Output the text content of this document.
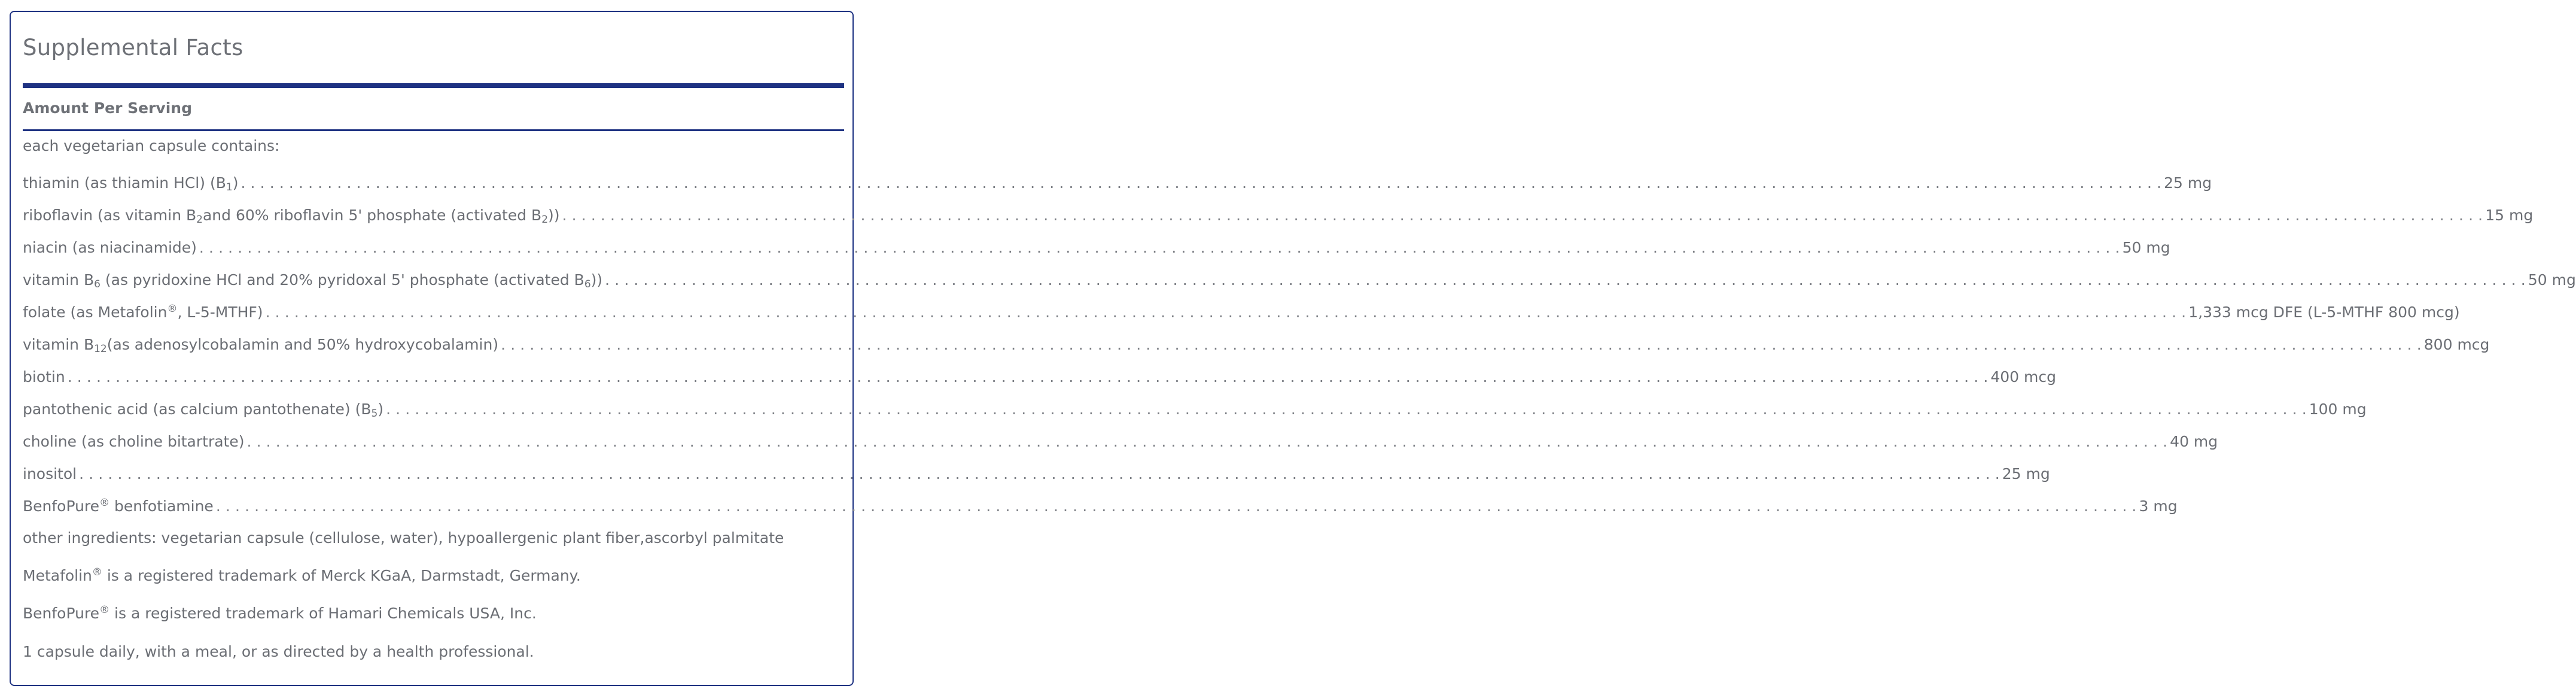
Supplemental Facts
Amount Per Serving
each vegetarian capsule contains:
thiamin (as thiamin HCl) $(B_1)$ . . . . . . . . . . . . . . . . . . . . . . . . . . . . . . . . . . . . . . . . . . . . . . . . . . . . . . . . . . . . . . . . . . . . . . . . . . . . . . . . . . . . . . . . . . . . . . . . . . . . . . . . . . . . . . . . . . . . . . . . . . . . . . . . . . . . . . . . . . . . . . . . . . . . . . . . . . . . . . . . . . . . . . . . . . . . . . . . . . . . . . . . . . . . . . . . . . . . . . . . 25 mg
riboflavin (as vitamin $B_2and$ 60% riboflavin 5' phosphate (activated $B_2$)) . . . . . . . . . . . . . . . . . . . . . . . . . . . . . . . . . . . . . . . . . . . . . . . . . . . . . . . . . . . . . . . . . . . . . . . . . . . . . . . . . . . . . . . . . . . . . . . . . . . . . . . . . . . . . . . . . . . . . . . . . . . . . . . . . . . . . . . . . . . . . . . . . . . . . . . . . . . . . . . . . . . . . . . . . . . . . . . . . . . . . . . . . . . . . . . . . . . . . . . . 15 mg
niacin (as niacinamide) . . . . . . . . . . . . . . . . . . . . . . . . . . . . . . . . . . . . . . . . . . . . . . . . . . . . . . . . . . . . . . . . . . . . . . . . . . . . . . . . . . . . . . . . . . . . . . . . . . . . . . . . . . . . . . . . . . . . . . . . . . . . . . . . . . . . . . . . . . . . . . . . . . . . . . . . . . . . . . . . . . . . . . . . . . . . . . . . . . . . . . . . . . . . . . . . . . . . . . . . 50 mg
vitamin $B_6$ (as pyridoxine HCl and 20% pyridoxal 5' phosphate (activated $B_6$)) . . . . . . . . . . . . . . . . . . . . . . . . . . . . . . . . . . . . . . . . . . . . . . . . . . . . . . . . . . . . . . . . . . . . . . . . . . . . . . . . . . . . . . . . . . . . . . . . . . . . . . . . . . . . . . . . . . . . . . . . . . . . . . . . . . . . . . . . . . . . . . . . . . . . . . . . . . . . . . . . . . . . . . . . . . . . . . . . . . . . . . . . . . . . . . . . . . . . . . . . 50 mg
folate (as Metafolin®, L-5-MTHF) . . . . . . . . . . . . . . . . . . . . . . . . . . . . . . . . . . . . . . . . . . . . . . . . . . . . . . . . . . . . . . . . . . . . . . . . . . . . . . . . . . . . . . . . . . . . . . . . . . . . . . . . . . . . . . . . . . . . . . . . . . . . . . . . . . . . . . . . . . . . . . . . . . . . . . . . . . . . . . . . . . . . . . . . . . . . . . . . . . . . . . . . . . . . . . . . . . . . . . . . 1,333 mcg DFE (L-5-MTHF 800 mcg)
vitamin $B_{12}(as$ adenosylcobalamin and 50% hydroxycobalamin) . . . . . . . . . . . . . . . . . . . . . . . . . . . . . . . . . . . . . . . . . . . . . . . . . . . . . . . . . . . . . . . . . . . . . . . . . . . . . . . . . . . . . . . . . . . . . . . . . . . . . . . . . . . . . . . . . . . . . . . . . . . . . . . . . . . . . . . . . . . . . . . . . . . . . . . . . . . . . . . . . . . . . . . . . . . . . . . . . . . . . . . . . . . . . . . . . . . . . . . . 800 mcg
biotin . . . . . . . . . . . . . . . . . . . . . . . . . . . . . . . . . . . . . . . . . . . . . . . . . . . . . . . . . . . . . . . . . . . . . . . . . . . . . . . . . . . . . . . . . . . . . . . . . . . . . . . . . . . . . . . . . . . . . . . . . . . . . . . . . . . . . . . . . . . . . . . . . . . . . . . . . . . . . . . . . . . . . . . . . . . . . . . . . . . . . . . . . . . . . . . . . . . . . . . . 400 mcg
pantothenic acid (as calcium pantothenate) $(B_5)$ . . . . . . . . . . . . . . . . . . . . . . . . . . . . . . . . . . . . . . . . . . . . . . . . . . . . . . . . . . . . . . . . . . . . . . . . . . . . . . . . . . . . . . . . . . . . . . . . . . . . . . . . . . . . . . . . . . . . . . . . . . . . . . . . . . . . . . . . . . . . . . . . . . . . . . . . . . . . . . . . . . . . . . . . . . . . . . . . . . . . . . . . . . . . . . . . . . . . . . . . 100 mg
choline (as choline bitartrate) . . . . . . . . . . . . . . . . . . . . . . . . . . . . . . . . . . . . . . . . . . . . . . . . . . . . . . . . . . . . . . . . . . . . . . . . . . . . . . . . . . . . . . . . . . . . . . . . . . . . . . . . . . . . . . . . . . . . . . . . . . . . . . . . . . . . . . . . . . . . . . . . . . . . . . . . . . . . . . . . . . . . . . . . . . . . . . . . . . . . . . . . . . . . . . . . . . . . . . . . 40 mg
inositol . . . . . . . . . . . . . . . . . . . . . . . . . . . . . . . . . . . . . . . . . . . . . . . . . . . . . . . . . . . . . . . . . . . . . . . . . . . . . . . . . . . . . . . . . . . . . . . . . . . . . . . . . . . . . . . . . . . . . . . . . . . . . . . . . . . . . . . . . . . . . . . . . . . . . . . . . . . . . . . . . . . . . . . . . . . . . . . . . . . . . . . . . . . . . . . . . . . . . . . . 25 mg
BenfoPure® benfotiamine . . . . . . . . . . . . . . . . . . . . . . . . . . . . . . . . . . . . . . . . . . . . . . . . . . . . . . . . . . . . . . . . . . . . . . . . . . . . . . . . . . . . . . . . . . . . . . . . . . . . . . . . . . . . . . . . . . . . . . . . . . . . . . . . . . . . . . . . . . . . . . . . . . . . . . . . . . . . . . . . . . . . . . . . . . . . . . . . . . . . . . . . . . . . . . . . . . . . . . . . 3 mg
other ingredients: vegetarian capsule (cellulose, water), hypoallergenic plant fiber,ascorbyl palmitate
Metafolin® is a registered trademark of Merck KGaA, Darmstadt, Germany.
BenfoPure® is a registered trademark of Hamari Chemicals USA, Inc.
1 capsule daily, with a meal, or as directed by a health professional.
